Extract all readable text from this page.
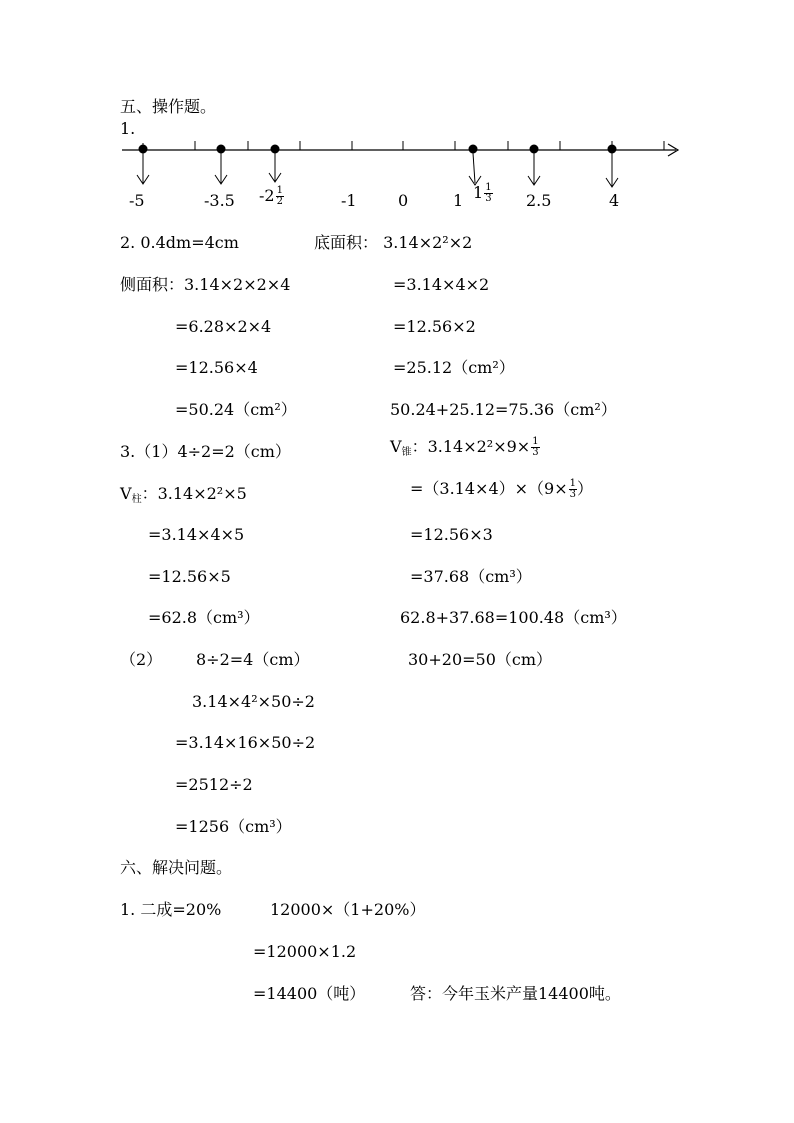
五、操作题。
1.
-5	-3.5 $-2 \frac{1}{2}$	-1	0	1 $1 \frac{1}{3} 2.5$	4
2. 0.4dm=4cm	底面积： 3.14×2²×2
侧面积：3.14×2×2×4	=3.14×4×2
=6.28×2×4	=12.56×2
=12.56×4	=25.12（cm²）
=50.24（cm²）	50.24+25.12=75.36（cm²）
3.（1）4÷2=2（cm）	$V_锥$：$3.14\times 2^2\times 9\times \frac{1}{3}$
$V_柱$：3.14×2²×5	$=(3.14\times 4)\times(9\times \frac{1}{3}$ ）
=3.14×4×5	=12.56×3
=12.56×5	=37.68（cm³）
=62.8（cm³）	62.8+37.68=100.48（cm³）
（2） 8÷2=4（cm）	30+20=50（cm）
3.14×4²×50÷2
=3.14×16×50÷2
=2512÷2
=1256（cm³）
六、解决问题。
1. 二成=20%	12000×（1+20%）
=12000×1.2
=14400（吨）	答：今年玉米产量14400吨。
